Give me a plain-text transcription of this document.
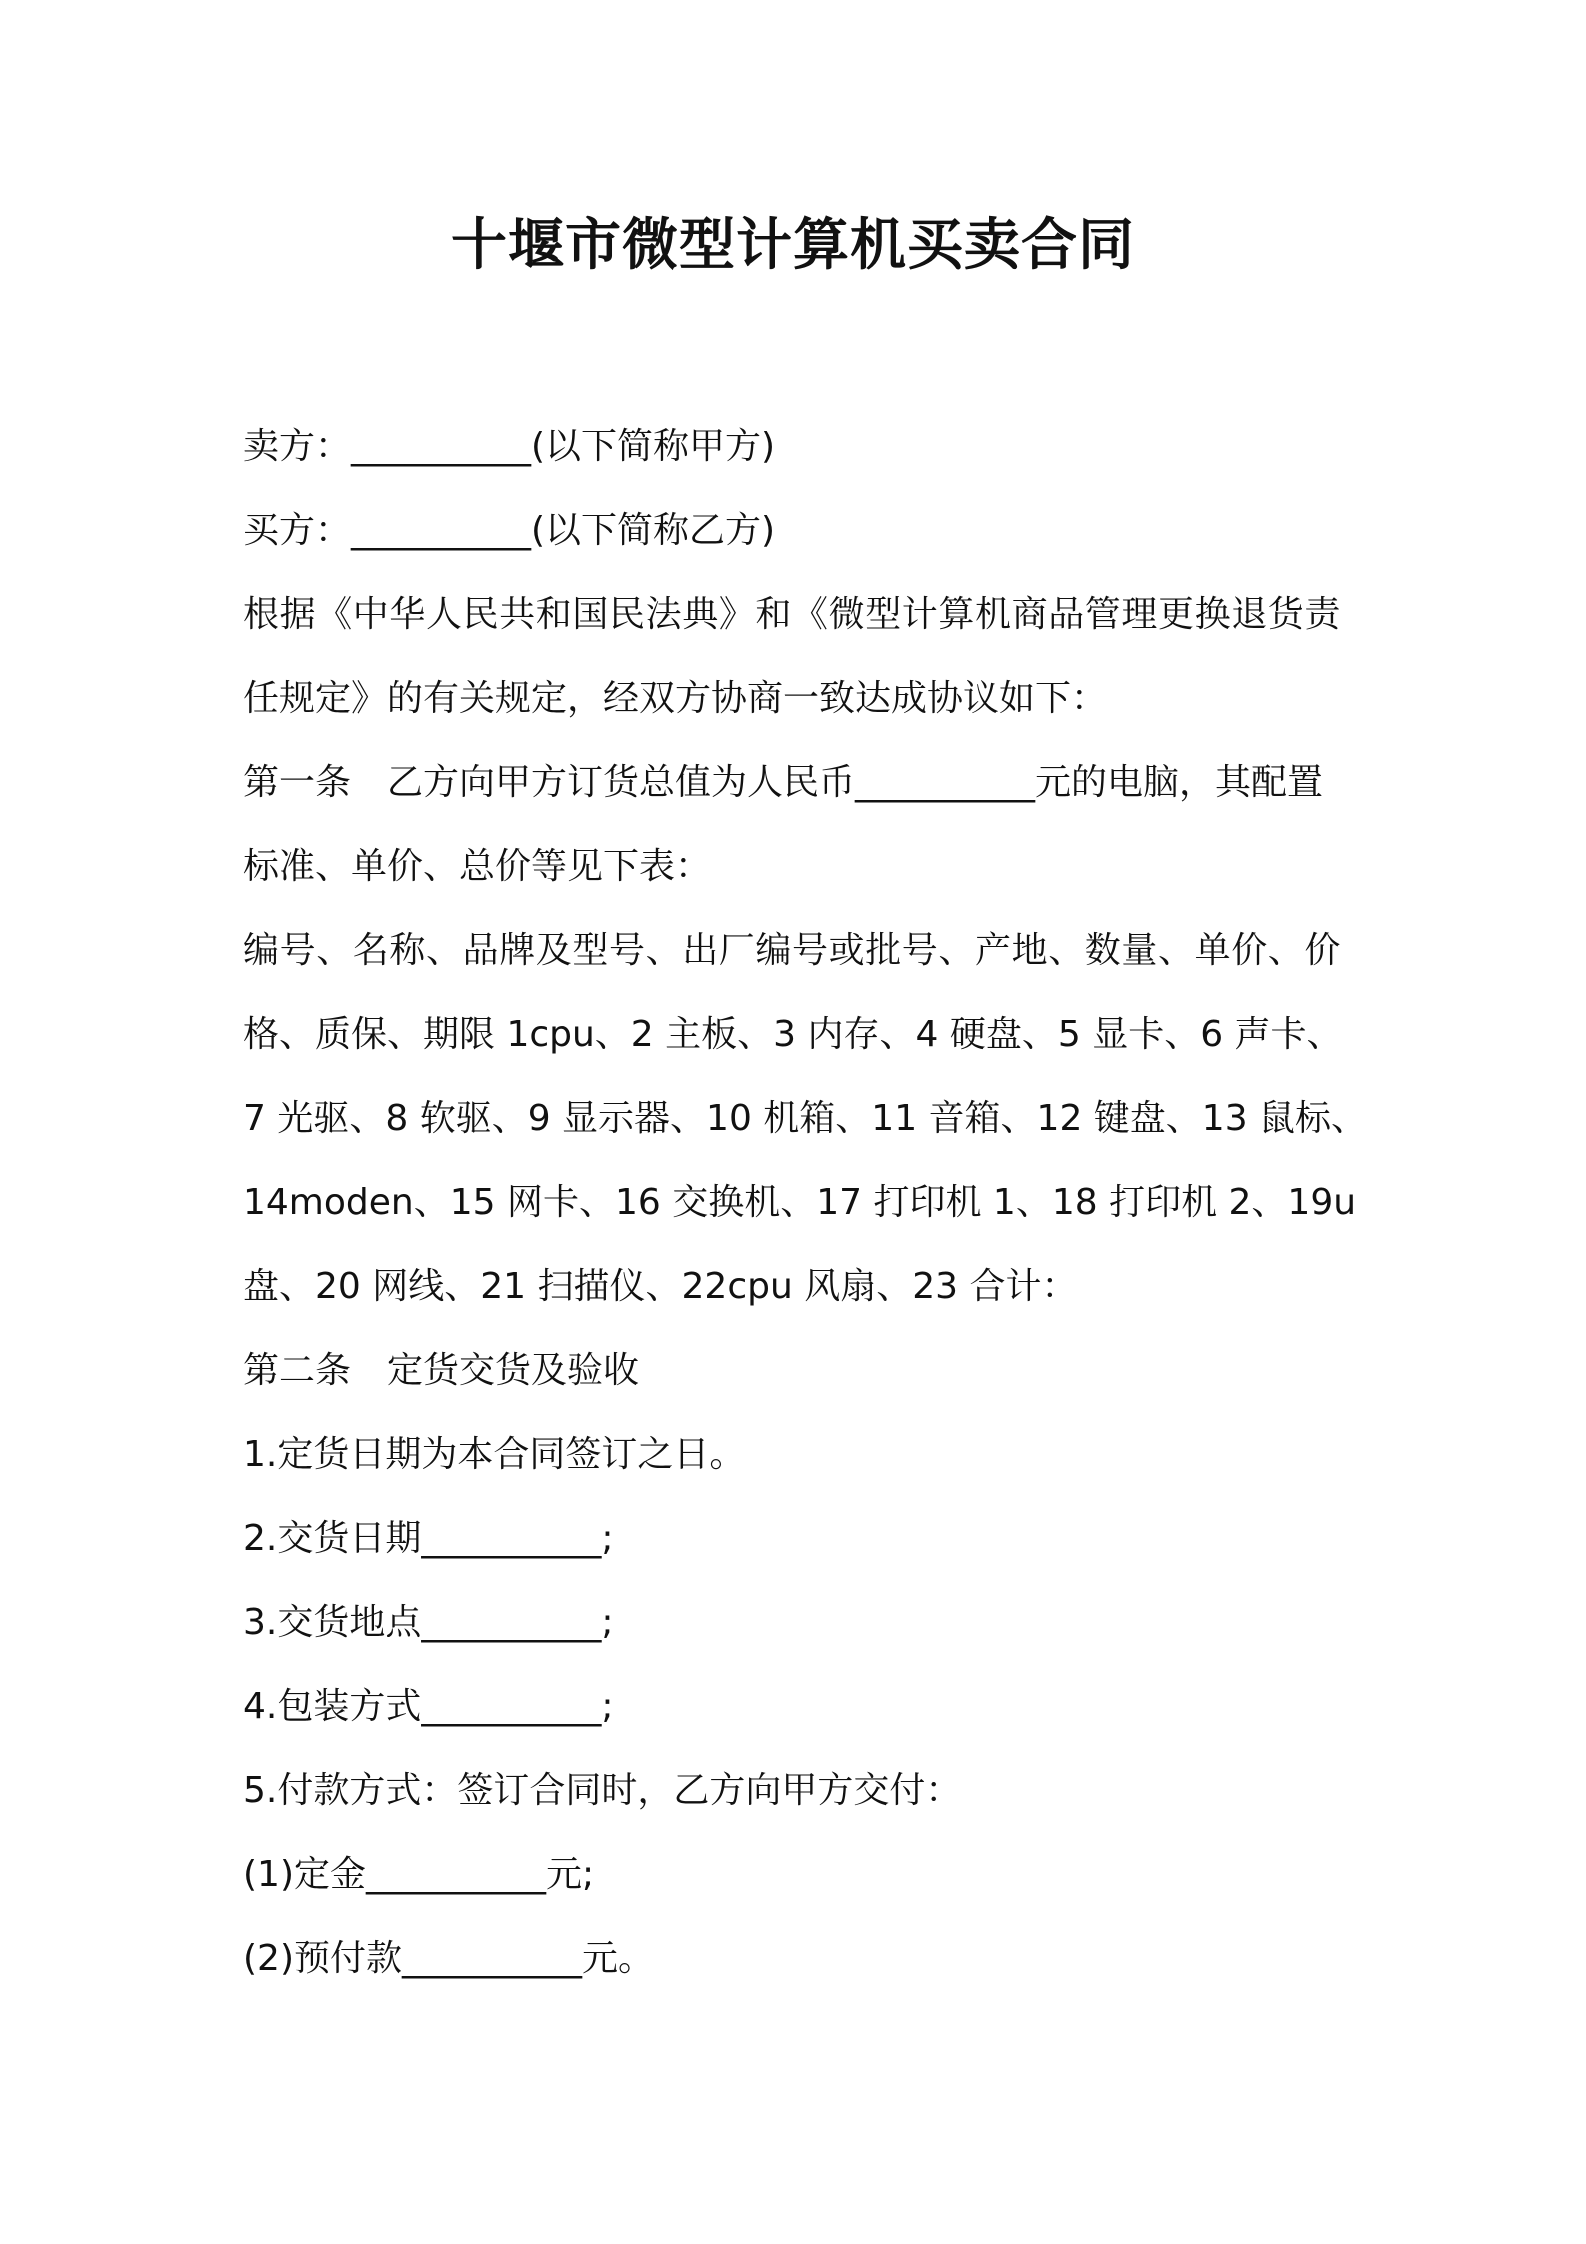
十堰市微型计算机买卖合同

卖方：__________(以下简称甲方)

买方：__________(以下简称乙方)

根据《中华人民共和国民法典》和《微型计算机商品管理更换退货责

任规定》的有关规定，经双方协商一致达成协议如下：

第一条　乙方向甲方订货总值为人民币__________元的电脑，其配置

标准、单价、总价等见下表：

编号、名称、品牌及型号、出厂编号或批号、产地、数量、单价、价

格、质保、期限 1cpu、2 主板、3 内存、4 硬盘、5 显卡、6 声卡、

7 光驱、8 软驱、9 显示器、10 机箱、11 音箱、12 键盘、13 鼠标、

14moden、15 网卡、16 交换机、17 打印机 1、18 打印机 2、19u

盘、20 网线、21 扫描仪、22cpu 风扇、23 合计：

第二条　定货交货及验收

1.定货日期为本合同签订之日。

2.交货日期__________;

3.交货地点__________;

4.包装方式__________;

5.付款方式：签订合同时，乙方向甲方交付：

(1)定金__________元;

(2)预付款__________元。
